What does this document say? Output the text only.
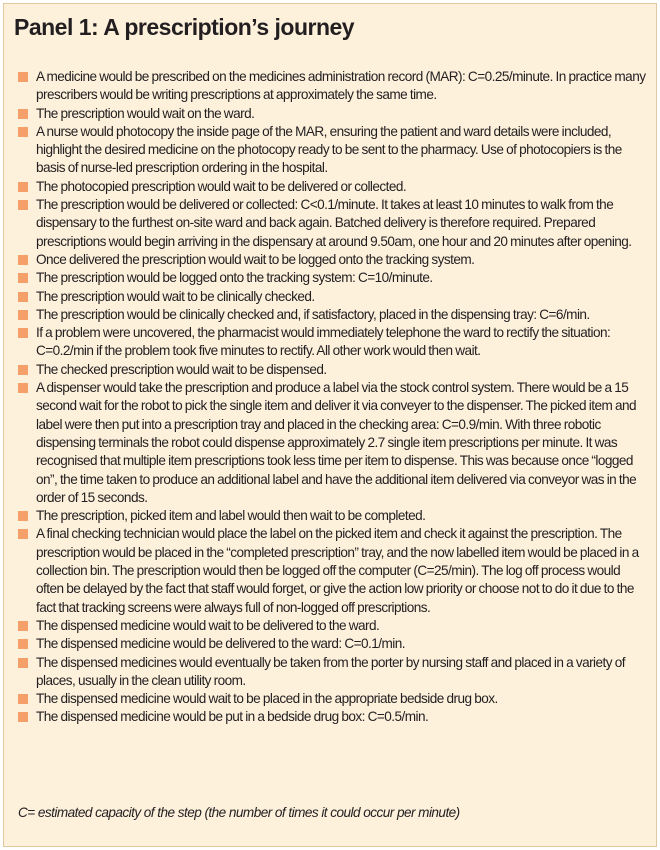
Panel 1: A prescription’s journey
A medicine would be prescribed on the medicines administration record (MAR): C=0.25/minute. In practice many prescribers would be writing prescriptions at approximately the same time.
The prescription would wait on the ward.
A nurse would photocopy the inside page of the MAR, ensuring the patient and ward details were included, highlight the desired medicine on the photocopy ready to be sent to the pharmacy. Use of photocopiers is the basis of nurse-led prescription ordering in the hospital.
The photocopied prescription would wait to be delivered or collected.
The prescription would be delivered or collected: C<0.1/minute. It takes at least 10 minutes to walk from the dispensary to the furthest on-site ward and back again. Batched delivery is therefore required. Prepared prescriptions would begin arriving in the dispensary at around 9.50am, one hour and 20 minutes after opening.
Once delivered the prescription would wait to be logged onto the tracking system.
The prescription would be logged onto the tracking system: C=10/minute.
The prescription would wait to be clinically checked.
The prescription would be clinically checked and, if satisfactory, placed in the dispensing tray: C=6/min.
If a problem were uncovered, the pharmacist would immediately telephone the ward to rectify the situation: C=0.2/min if the problem took five minutes to rectify. All other work would then wait.
The checked prescription would wait to be dispensed.
A dispenser would take the prescription and produce a label via the stock control system. There would be a 15 second wait for the robot to pick the single item and deliver it via conveyer to the dispenser. The picked item and label were then put into a prescription tray and placed in the checking area: C=0.9/min. With three robotic dispensing terminals the robot could dispense approximately 2.7 single item prescriptions per minute. It was recognised that multiple item prescriptions took less time per item to dispense. This was because once “logged on”, the time taken to produce an additional label and have the additional item delivered via conveyor was in the order of 15 seconds.
The prescription, picked item and label would then wait to be completed.
A final checking technician would place the label on the picked item and check it against the prescription. The prescription would be placed in the “completed prescription” tray, and the now labelled item would be placed in a collection bin. The prescription would then be logged off the computer (C=25/min). The log off process would often be delayed by the fact that staff would forget, or give the action low priority or choose not to do it due to the fact that tracking screens were always full of non-logged off prescriptions.
The dispensed medicine would wait to be delivered to the ward.
The dispensed medicine would be delivered to the ward: C=0.1/min.
The dispensed medicines would eventually be taken from the porter by nursing staff and placed in a variety of places, usually in the clean utility room.
The dispensed medicine would wait to be placed in the appropriate bedside drug box.
The dispensed medicine would be put in a bedside drug box: C=0.5/min.

C= estimated capacity of the step (the number of times it could occur per minute)
